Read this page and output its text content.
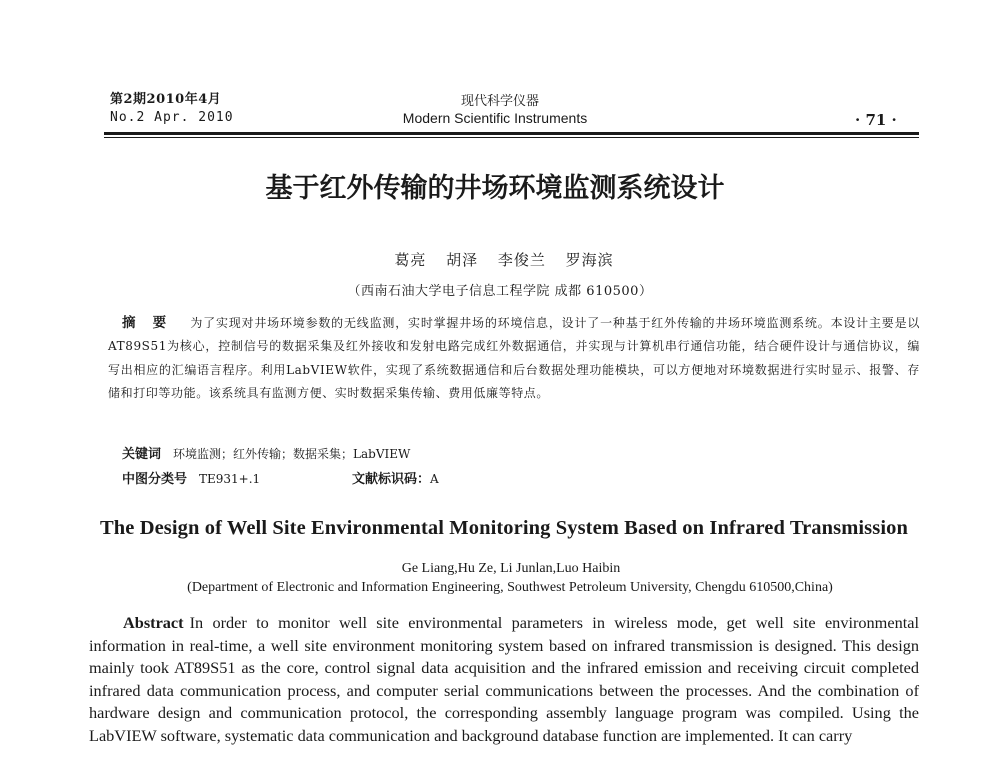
第2期2010年4月
No.2 Apr. 2010
现代科学仪器
Modern Scientific Instruments	· 71 ·
基于红外传输的井场环境监测系统设计
葛亮 胡泽 李俊兰 罗海滨
（西南石油大学电子信息工程学院 成都 610500）
摘 要 为了实现对井场环境参数的无线监测，实时掌握井场的环境信息，设计了一种基于红外传输的井场环境监测系统。本设计主要是以AT89S51为核心，控制信号的数据采集及红外接收和发射电路完成红外数据通信，并实现与计算机串行通信功能，结合硬件设计与通信协议，编写出相应的汇编语言程序。利用LabVIEW软件，实现了系统数据通信和后台数据处理功能模块，可以方便地对环境数据进行实时显示、报警、存储和打印等功能。该系统具有监测方便、实时数据采集传输、费用低廉等特点。
关键词 环境监测；红外传输；数据采集；LabVIEW
中图分类号 TE931+.1	文献标识码：A
The Design of Well Site Environmental Monitoring System Based on Infrared Transmission
Ge Liang,Hu Ze, Li Junlan,Luo Haibin
(Department of Electronic and Information Engineering, Southwest Petroleum University, Chengdu 610500,China)
Abstract In order to monitor well site environmental parameters in wireless mode, get well site environmental information in real-time, a well site environment monitoring system based on infrared transmission is designed. This design mainly took AT89S51 as the core, control signal data acquisition and the infrared emission and receiving circuit completed infrared data communication process, and computer serial communications between the processes. And the combination of hardware design and communication protocol, the corresponding assembly language program was compiled. Using the LabVIEW software, systematic data communication and background database function are implemented. It can carry
